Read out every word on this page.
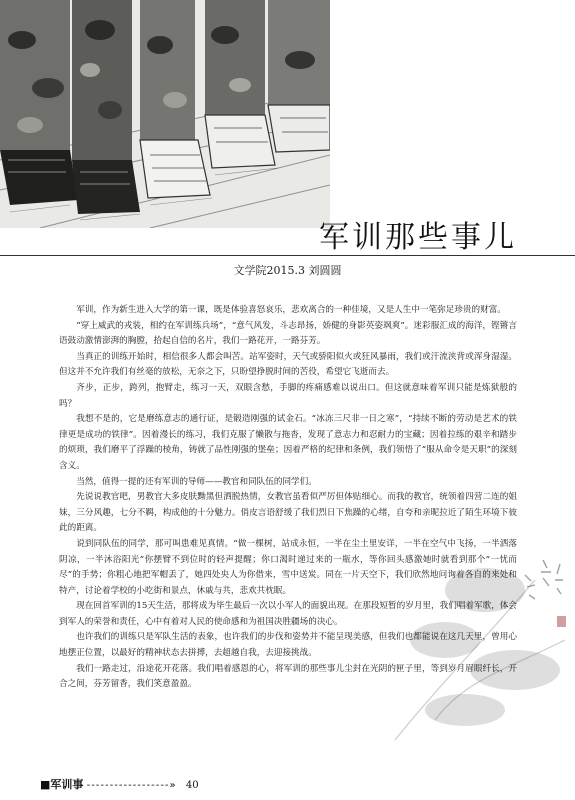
军训那些事儿
文学院2015.3 刘圆圆

军训，作为新生进入大学的第一课，既是体验喜怒哀乐，悲欢离合的一种佳境，又是人生中一笔弥足珍贵的财富。

“穿上威武的戎装，相约在军训练兵场”，“意气风发，斗志昂扬，娇健的身影英姿飒爽”。迷彩服汇成的海洋，铿锵言语鼓动激情澎湃的胸膛，拾起自信的名片，我们一路花开，一路芬芳。

当真正的训练开始时，相信很多人都会叫苦。站军姿时，天气或骄阳似火或狂风暴雨，我们或汗流浃背或浑身湿湿。但这并不允许我们有丝毫的放松，无奈之下，只盼望挣脱时间的苦役，希望它飞逝而去。

齐步，正步，跨列，抱臂走，练习一天，双眼含愁，手脚的疼痛感难以说出口。但这就意味着军训只能是炼狱般的吗？

我想不是的，它是磨练意志的通行证，是锻造刚强的试金石。“冰冻三尺非一日之寒”，“持续不断的劳动是艺术的铁律更是成功的铁律”。因着漫长的练习，我们克服了懒散与拖沓，发现了意志力和忍耐力的宝藏；因着拉练的艰辛和踏步的烦琐，我们磨平了浮躁的棱角，铸就了品性刚强的堡垒；因着严格的纪律和条例，我们领悟了“服从命令是天职”的深刻含义。

当然，值得一提的还有军训的导师——教官和同队伍的同学们。

先说说教官吧，男教官大多皮肤黝黑但洒脱热情，女教官虽看似严厉但体贴细心。而我的教官，统领着四营二连的姐妹，三分风趣，七分不羁，构成他的十分魅力。俏皮言语舒缓了我们烈日下焦躁的心绪，自夸和亲昵拉近了陌生环境下彼此的距离。

说到同队伍的同学，那可叫患难见真情。“做一棵树，站成永恒，一半在尘土里安详，一半在空气中飞扬，一半洒落阴凉，一半沐浴阳光”你摆臂不到位时的轻声提醒；你口渴时递过来的一瓶水，等你回头感激她时就看到那个“一忧而尽”的手势；你粗心地把军帽丢了，她四处央人为你借来，雪中送炭。同在一片天空下，我们欣然地问询着各自的来处和特产，讨论着学校的小吃街和景点，休戚与共，悲欢共枕眠。

现在回首军训的15天生活，那将成为毕生最后一次以小军人的面貌出现。在那段短暂的岁月里，我们唱着军歌，体会到军人的荣誉和责任，心中有着对人民的使命感和为祖国决胜疆场的决心。

也许我们的训练只是军队生活的表象，也许我们的步伐和姿势并不能呈现美感，但我们也都能说在这几天里，曾用心地摆正位置，以最好的精神状态去拼搏，去超越自我，去迎接挑战。

我们一路走过，沿途花开花落。我们唱着感恩的心，将军训的那些事儿尘封在光阴的匣子里，等到岁月眉眼纤长，开合之间，芬芳留香，我们笑意盈盈。

■军训事 ------------------» 40
